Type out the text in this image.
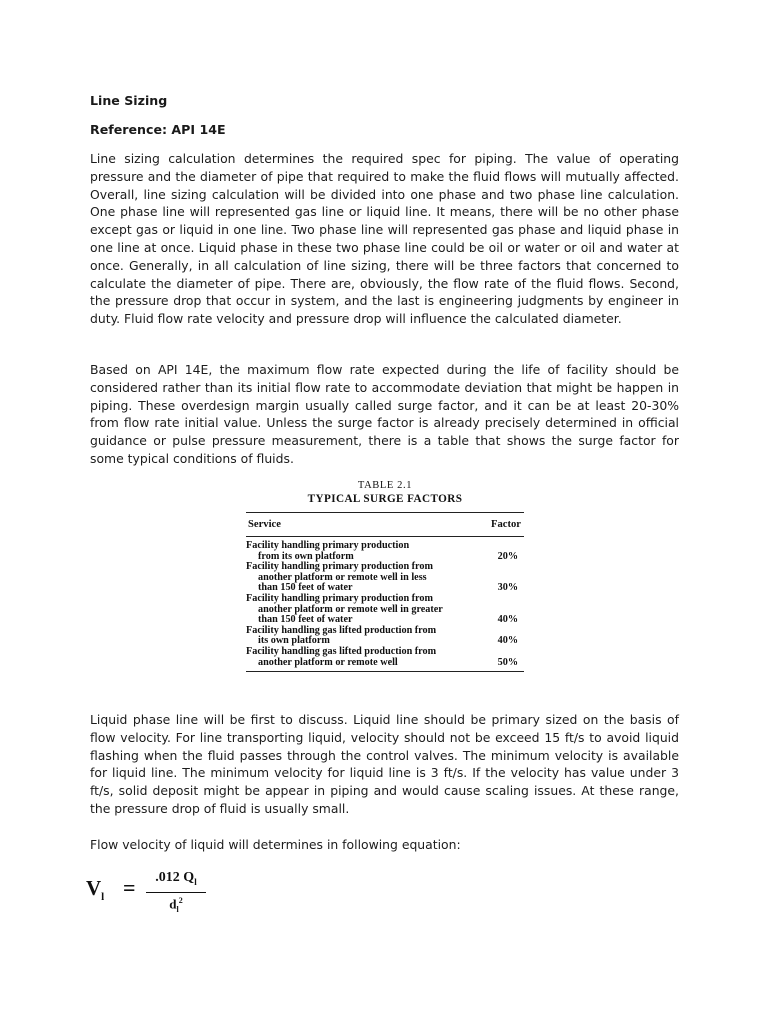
Line Sizing
Reference: API 14E

Line sizing calculation determines the required spec for piping. The value of operating pressure and the diameter of pipe that required to make the fluid flows will mutually affected. Overall, line sizing calculation will be divided into one phase and two phase line calculation. One phase line will represented gas line or liquid line. It means, there will be no other phase except gas or liquid in one line. Two phase line will represented gas phase and liquid phase in one line at once. Liquid phase in these two phase line could be oil or water or oil and water at once. Generally, in all calculation of line sizing, there will be three factors that concerned to calculate the diameter of pipe. There are, obviously, the flow rate of the fluid flows. Second, the pressure drop that occur in system, and the last is engineering judgments by engineer in duty. Fluid flow rate velocity and pressure drop will influence the calculated diameter.

Based on API 14E, the maximum flow rate expected during the life of facility should be considered rather than its initial flow rate to accommodate deviation that might be happen in piping. These overdesign margin usually called surge factor, and it can be at least 20-30% from flow rate initial value. Unless the surge factor is already precisely determined in official guidance or pulse pressure measurement, there is a table that shows the surge factor for some typical conditions of fluids.

TABLE 2.1
TYPICAL SURGE FACTORS
Service	Factor
Facility handling primary production
from its own platform	20%
Facility handling primary production from
another platform or remote well in less
than 150 feet of water	30%
Facility handling primary production from
another platform or remote well in greater
than 150 feet of water	40%
Facility handling gas lifted production from
its own platform	40%
Facility handling gas lifted production from
another platform or remote well	50%

Liquid phase line will be first to discuss. Liquid line should be primary sized on the basis of flow velocity. For line transporting liquid, velocity should not be exceed 15 ft/s to avoid liquid flashing when the fluid passes through the control valves. The minimum velocity is available for liquid line. The minimum velocity for liquid line is 3 ft/s. If the velocity has value under 3 ft/s, solid deposit might be appear in piping and would cause scaling issues. At these range, the pressure drop of fluid is usually small.

Flow velocity of liquid will determines in following equation:

$V_l$ =	.012 $Q_l$
$d_l^2$
